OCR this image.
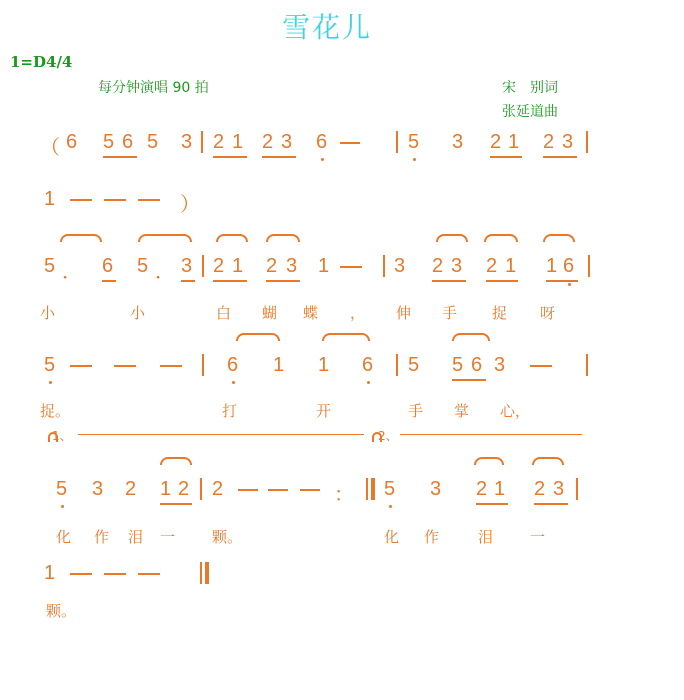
雪花儿
1=D4/4
每分钟演唱 90 拍	宋　别词
张延道曲
（ 6 5 6 5 3 2 1 2 3 6	5 3 2 1 2 3
1	）
5 ． 6 5 ． 3 2 1 2 3 1	3 2 3 2 1 1 6
小	小	白 蝴 蝶 ， 伸 手 捉 呀
5	6 1 1 6 5 5 6 3
捉。	打	开	手 掌 心，
1、	2、
5 3 2 1 2 2	： 5 3 2 1 2 3
化 作 泪 一 颗。	化 作	泪 一
1
颗。
